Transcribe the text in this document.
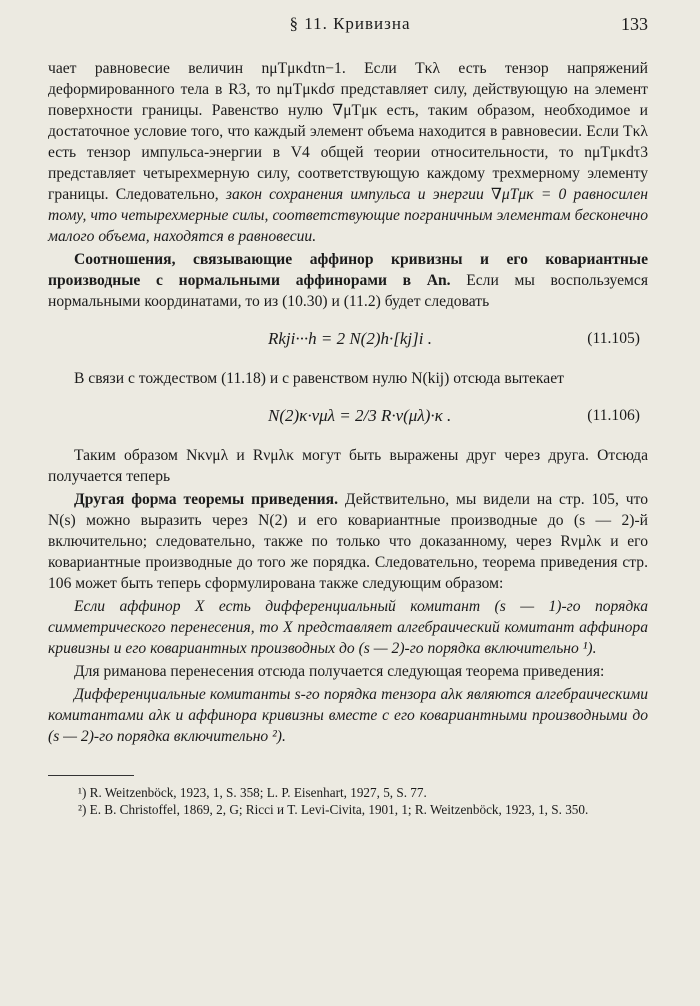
§ 11. Кривизна	133

чает равновесие величин nμTμκdτn−1. Если Tκλ есть тензор напряжений деформированного тела в R3, то nμTμκdσ представляет силу, действующую на элемент поверхности границы. Равенство нулю ∇μTμκ есть, таким образом, необходимое и достаточное условие того, что каждый элемент объема находится в равновесии. Если Tκλ есть тензор импульса-энергии в V4 общей теории относительности, то nμTμκdτ3 представляет четырехмерную силу, соответствующую каждому трехмерному элементу границы. Следовательно, закон сохранения импульса и энергии ∇μTμκ = 0 равносилен тому, что четырехмерные силы, соответствующие пограничным элементам бесконечно малого объема, находятся в равновесии.

Соотношения, связывающие аффинор кривизны и его ковариантные производные с нормальными аффинорами в An. Если мы воспользуемся нормальными координатами, то из (10.30) и (11.2) будет следовать

Rkji···h = 2 N(2)h·[kj]i .	(11.105)

В связи с тождеством (11.18) и с равенством нулю N(kij) отсюда вытекает

N(2)κ·νμλ = 2/3 R·ν(μλ)·κ .	(11.106)

Таким образом Nκνμλ и Rνμλκ могут быть выражены друг через друга. Отсюда получается теперь

Другая форма теоремы приведения. Действительно, мы видели на стр. 105, что N(s) можно выразить через N(2) и его ковариантные производные до (s — 2)-й включительно; следовательно, также по только что доказанному, через Rνμλκ и его ковариантные производные до того же порядка. Следовательно, теорема приведения стр. 106 может быть теперь сформулирована также следующим образом:

Если аффинор X есть дифференциальный комитант (s — 1)-го порядка симметрического перенесения, то X представляет алгебраический комитант аффинора кривизны и его ковариантных производных до (s — 2)-го порядка включительно ¹).

Для риманова перенесения отсюда получается следующая теорема приведения:

Дифференциальные комитанты s-го порядка тензора aλκ являются алгебраическими комитантами aλκ и аффинора кривизны вместе с его ковариантными производными до (s — 2)-го порядка включительно ²).

¹) R. Weitzenböck, 1923, 1, S. 358; L. P. Eisenhart, 1927, 5, S. 77.

²) E. B. Christoffel, 1869, 2, G; Ricci и T. Levi-Civita, 1901, 1; R. Weitzenböck, 1923, 1, S. 350.
